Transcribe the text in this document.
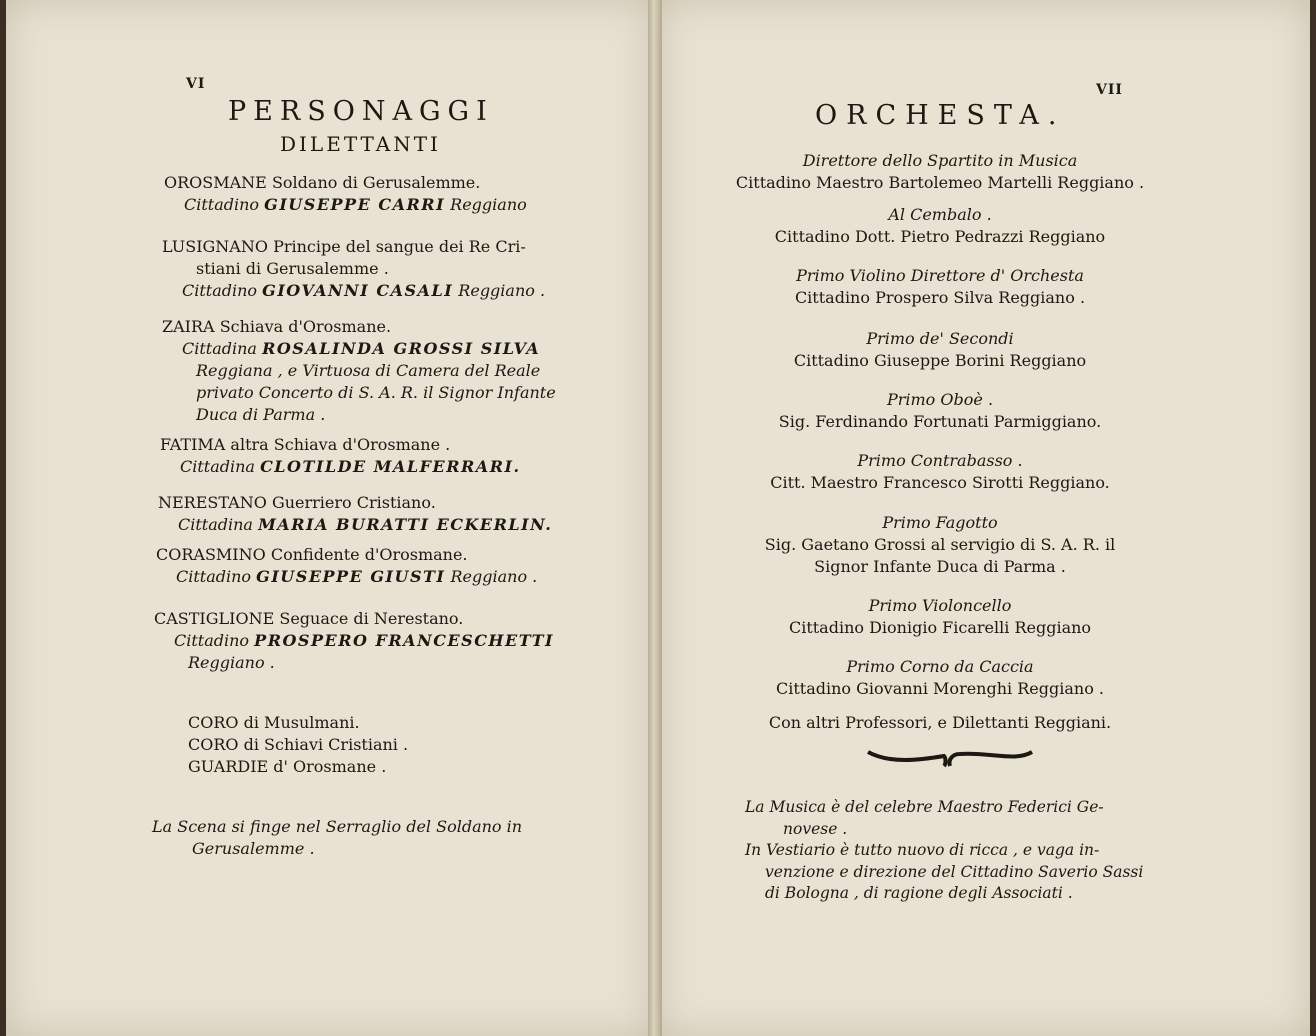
VI
PERSONAGGI
DILETTANTI
OROSMANE Soldano di Gerusalemme.
Cittadino GIUSEPPE CARRI Reggiano
LUSIGNANO Principe del sangue dei Re Cri-
stiani di Gerusalemme .
Cittadino GIOVANNI CASALI Reggiano .
ZAIRA Schiava d'Orosmane.
Cittadina ROSALINDA GROSSI SILVA
Reggiana , e Virtuosa di Camera del Reale
privato Concerto di S. A. R. il Signor Infante
Duca di Parma .
FATIMA altra Schiava d'Orosmane .
Cittadina CLOTILDE MALFERRARI.
NERESTANO Guerriero Cristiano.
Cittadina MARIA BURATTI ECKERLIN.
CORASMINO Confidente d'Orosmane.
Cittadino GIUSEPPE GIUSTI Reggiano .
CASTIGLIONE Seguace di Nerestano.
Cittadino PROSPERO FRANCESCHETTI
Reggiano .
CORO di Musulmani.
CORO di Schiavi Cristiani .
GUARDIE d' Orosmane .
La Scena si finge nel Serraglio del Soldano in
Gerusalemme .
VII
ORCHESTA.
Direttore dello Spartito in Musica
Cittadino Maestro Bartolemeo Martelli Reggiano .
Al Cembalo .
Cittadino Dott. Pietro Pedrazzi Reggiano
Primo Violino Direttore d' Orchesta
Cittadino Prospero Silva Reggiano .
Primo de' Secondi
Cittadino Giuseppe Borini Reggiano
Primo Oboè .
Sig. Ferdinando Fortunati Parmiggiano.
Primo Contrabasso .
Citt. Maestro Francesco Sirotti Reggiano.
Primo Fagotto
Sig. Gaetano Grossi al servigio di S. A. R. il
Signor Infante Duca di Parma .
Primo Violoncello
Cittadino Dionigio Ficarelli Reggiano
Primo Corno da Caccia
Cittadino Giovanni Morenghi Reggiano .
Con altri Professori, e Dilettanti Reggiani.
La Musica è del celebre Maestro Federici Ge-
novese .
In Vestiario è tutto nuovo di ricca , e vaga in-
venzione e direzione del Cittadino Saverio Sassi
di Bologna , di ragione degli Associati .
